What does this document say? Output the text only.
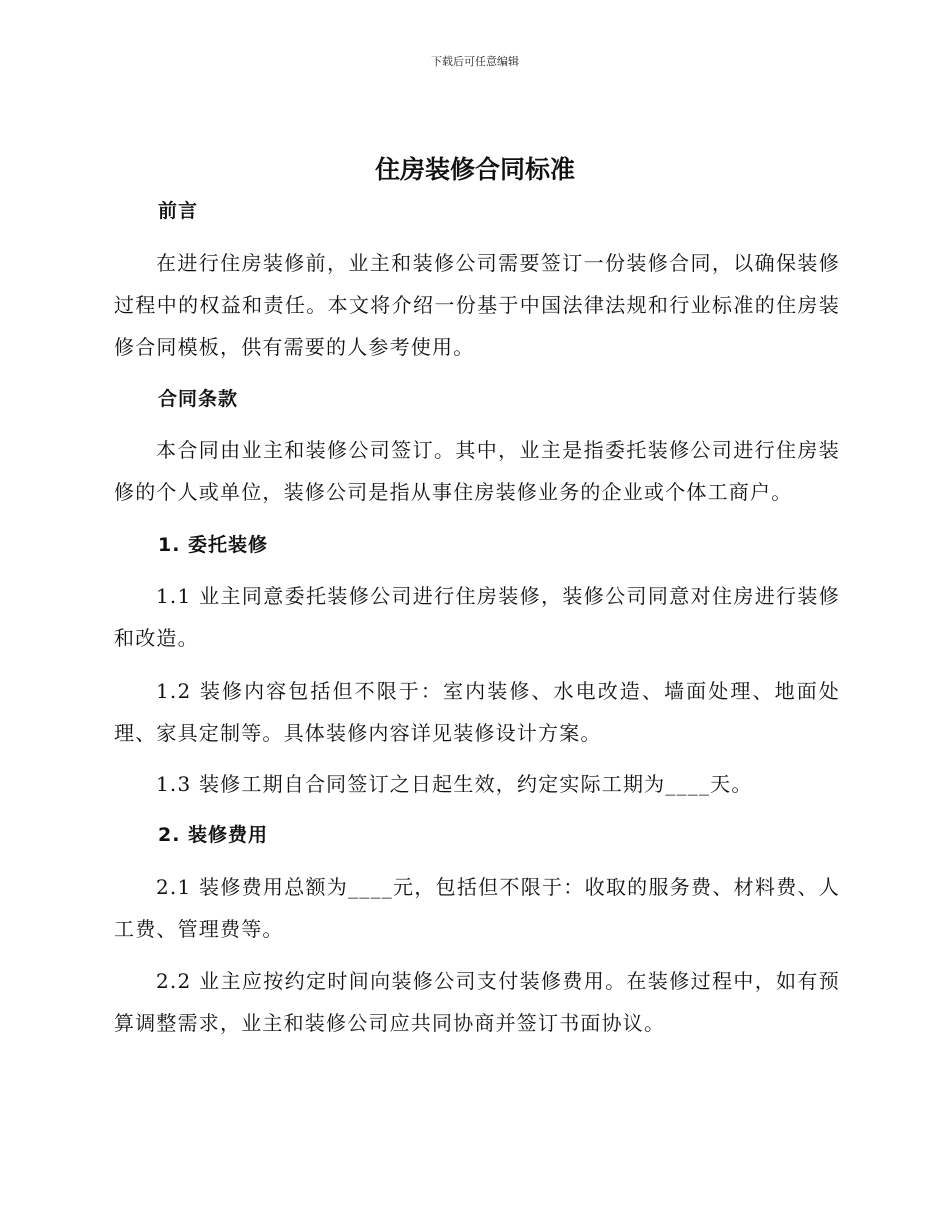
下载后可任意编辑
住房装修合同标准
前言

在进行住房装修前，业主和装修公司需要签订一份装修合同，以确保装修过程中的权益和责任。本文将介绍一份基于中国法律法规和行业标准的住房装修合同模板，供有需要的人参考使用。

合同条款

本合同由业主和装修公司签订。其中，业主是指委托装修公司进行住房装修的个人或单位，装修公司是指从事住房装修业务的企业或个体工商户。

1. 委托装修

1.1 业主同意委托装修公司进行住房装修，装修公司同意对住房进行装修和改造。

1.2 装修内容包括但不限于：室内装修、水电改造、墙面处理、地面处理、家具定制等。具体装修内容详见装修设计方案。

1.3 装修工期自合同签订之日起生效，约定实际工期为____天。

2. 装修费用

2.1 装修费用总额为____元，包括但不限于：收取的服务费、材料费、人工费、管理费等。

2.2 业主应按约定时间向装修公司支付装修费用。在装修过程中，如有预算调整需求，业主和装修公司应共同协商并签订书面协议。
